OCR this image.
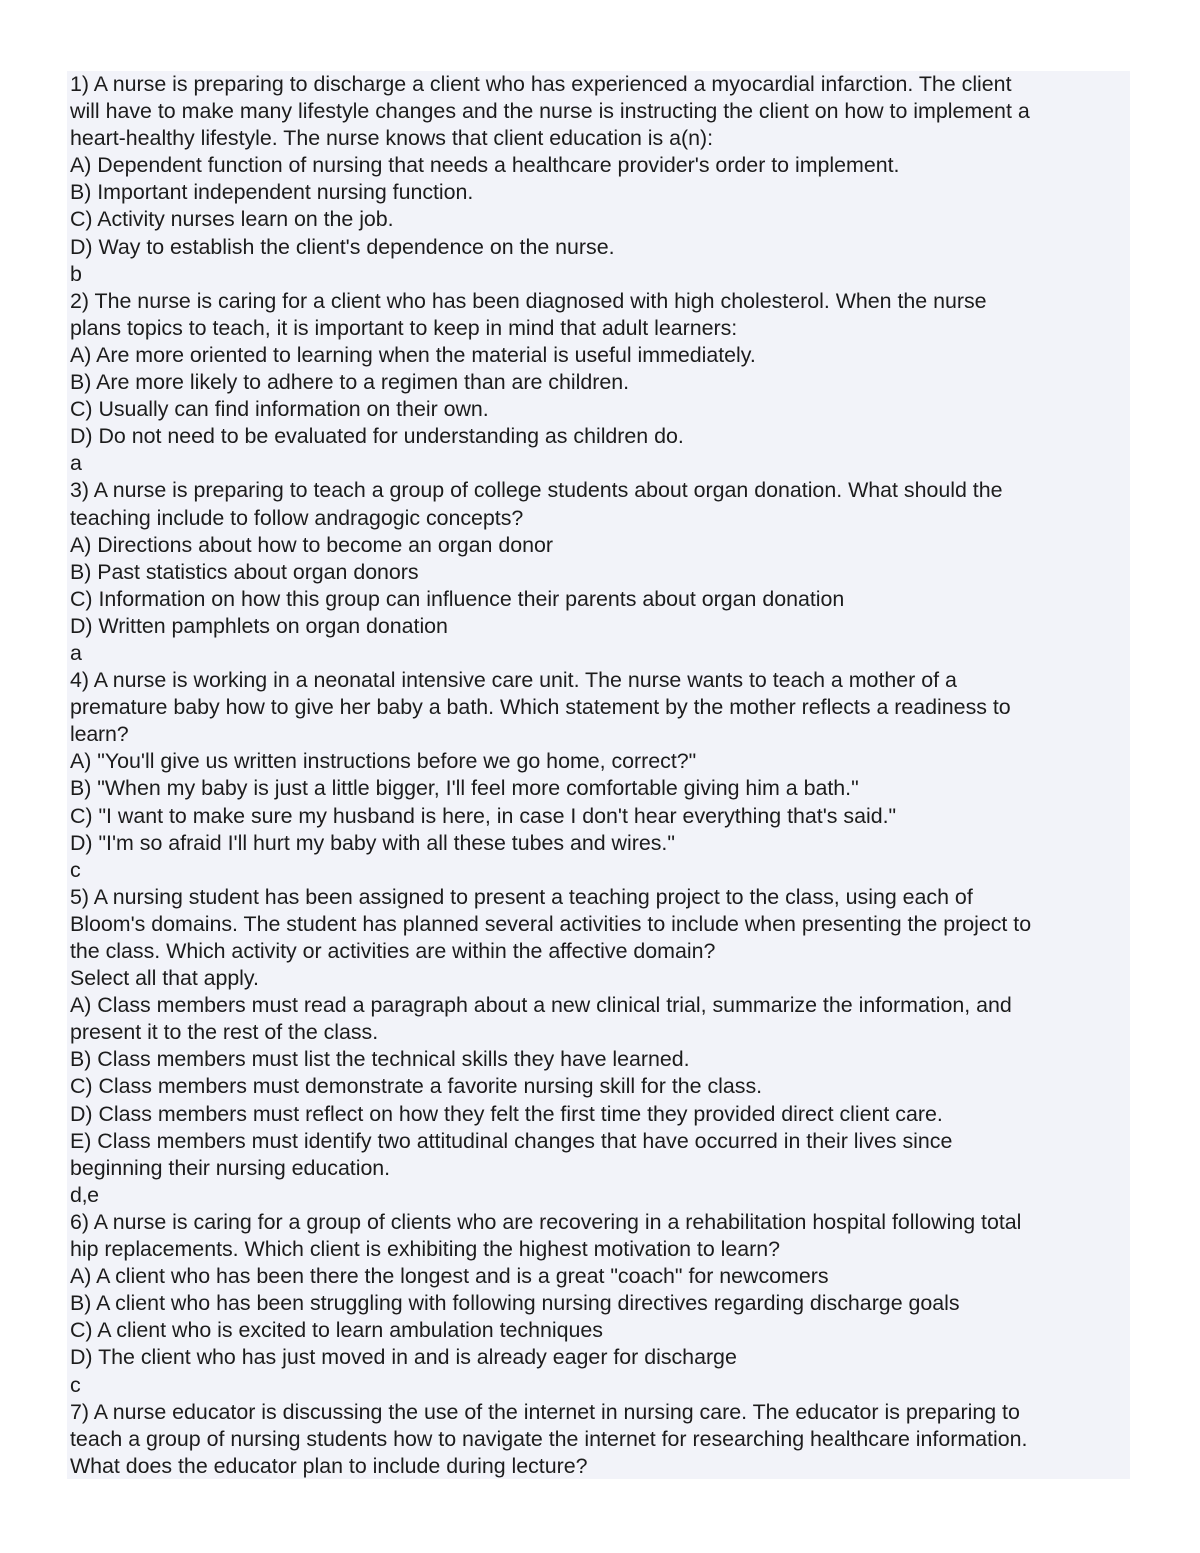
1) A nurse is preparing to discharge a client who has experienced a myocardial infarction. The client
will have to make many lifestyle changes and the nurse is instructing the client on how to implement a
heart-healthy lifestyle. The nurse knows that client education is a(n):
A) Dependent function of nursing that needs a healthcare provider's order to implement.
B) Important independent nursing function.
C) Activity nurses learn on the job.
D) Way to establish the client's dependence on the nurse.
b
2) The nurse is caring for a client who has been diagnosed with high cholesterol. When the nurse
plans topics to teach, it is important to keep in mind that adult learners:
A) Are more oriented to learning when the material is useful immediately.
B) Are more likely to adhere to a regimen than are children.
C) Usually can find information on their own.
D) Do not need to be evaluated for understanding as children do.
a
3) A nurse is preparing to teach a group of college students about organ donation. What should the
teaching include to follow andragogic concepts?
A) Directions about how to become an organ donor
B) Past statistics about organ donors
C) Information on how this group can influence their parents about organ donation
D) Written pamphlets on organ donation
a
4) A nurse is working in a neonatal intensive care unit. The nurse wants to teach a mother of a
premature baby how to give her baby a bath. Which statement by the mother reflects a readiness to
learn?
A) "You'll give us written instructions before we go home, correct?"
B) "When my baby is just a little bigger, I'll feel more comfortable giving him a bath."
C) "I want to make sure my husband is here, in case I don't hear everything that's said."
D) "I'm so afraid I'll hurt my baby with all these tubes and wires."
c
5) A nursing student has been assigned to present a teaching project to the class, using each of
Bloom's domains. The student has planned several activities to include when presenting the project to
the class. Which activity or activities are within the affective domain?
Select all that apply.
A) Class members must read a paragraph about a new clinical trial, summarize the information, and
present it to the rest of the class.
B) Class members must list the technical skills they have learned.
C) Class members must demonstrate a favorite nursing skill for the class.
D) Class members must reflect on how they felt the first time they provided direct client care.
E) Class members must identify two attitudinal changes that have occurred in their lives since
beginning their nursing education.
d,e
6) A nurse is caring for a group of clients who are recovering in a rehabilitation hospital following total
hip replacements. Which client is exhibiting the highest motivation to learn?
A) A client who has been there the longest and is a great "coach" for newcomers
B) A client who has been struggling with following nursing directives regarding discharge goals
C) A client who is excited to learn ambulation techniques
D) The client who has just moved in and is already eager for discharge
c
7) A nurse educator is discussing the use of the internet in nursing care. The educator is preparing to
teach a group of nursing students how to navigate the internet for researching healthcare information.
What does the educator plan to include during lecture?
